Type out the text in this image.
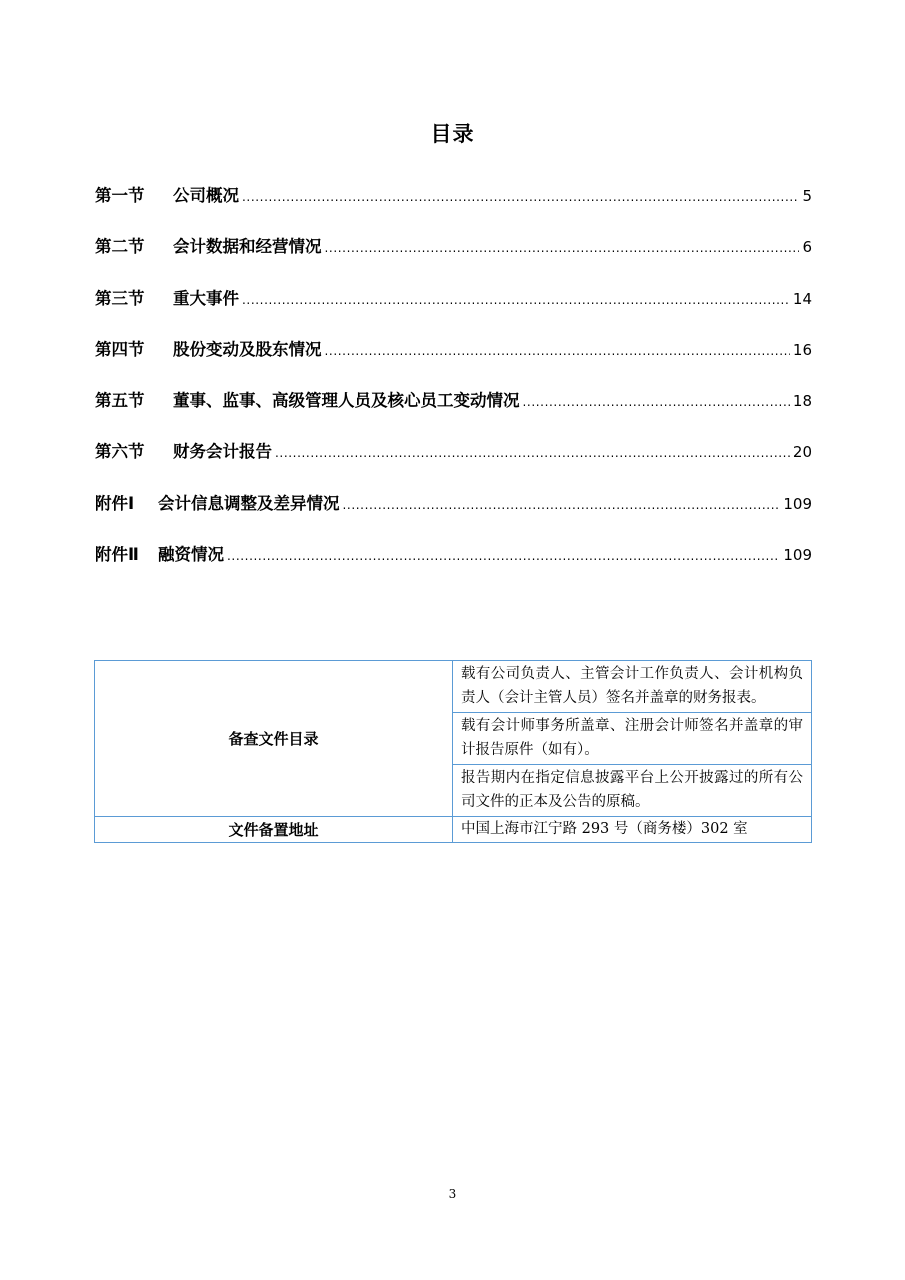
目录
第一节	公司概况 .....	5
第二节	会计数据和经营情况 .....	6
第三节	重大事件 .....	14
第四节	股份变动及股东情况 .....	16
第五节	董事、监事、高级管理人员及核心员工变动情况 .....	18
第六节	财务会计报告 .....	20
附件Ⅰ	会计信息调整及差异情况 .....	109
附件Ⅱ	融资情况 .....	109
备查文件目录	载有公司负责人、主管会计工作负责人、会计机构负责人（会计主管人员）签名并盖章的财务报表。
	载有会计师事务所盖章、注册会计师签名并盖章的审计报告原件（如有）。
	报告期内在指定信息披露平台上公开披露过的所有公司文件的正本及公告的原稿。
文件备置地址	中国上海市江宁路 293 号（商务楼）302 室
3
